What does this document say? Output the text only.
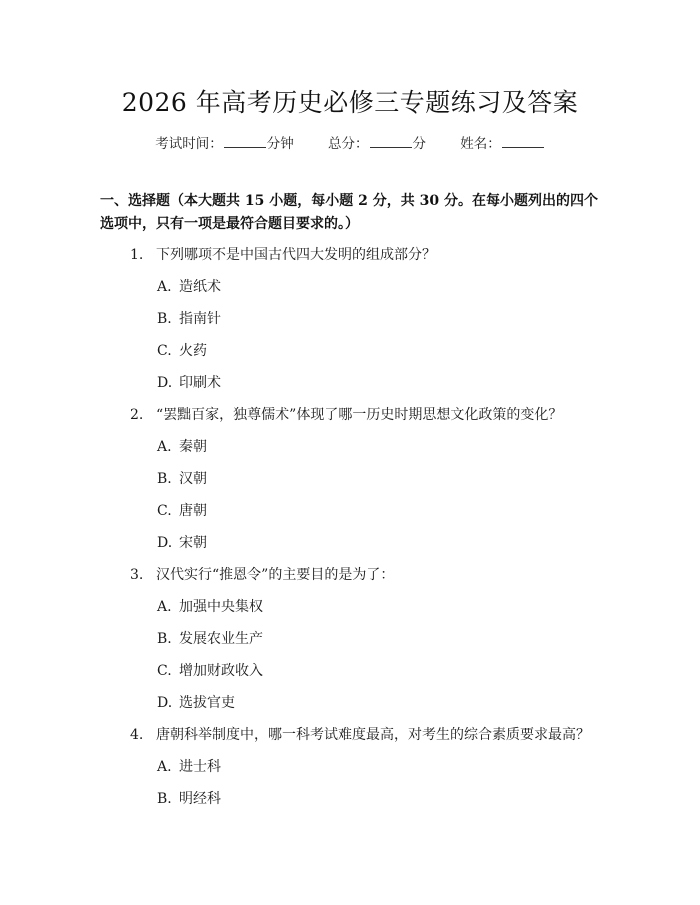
2026 年高考历史必修三专题练习及答案
考试时间：	分钟	总分：	分	姓名：
一、选择题（本大题共 15 小题，每小题 2 分，共 30 分。在每小题列出的四个选项中，只有一项是最符合题目要求的。）
1. 下列哪项不是中国古代四大发明的组成部分？
A. 造纸术
B. 指南针
C. 火药
D. 印刷术
2. “罢黜百家，独尊儒术”体现了哪一历史时期思想文化政策的变化？
A. 秦朝
B. 汉朝
C. 唐朝
D. 宋朝
3. 汉代实行“推恩令”的主要目的是为了：
A. 加强中央集权
B. 发展农业生产
C. 增加财政收入
D. 选拔官吏
4. 唐朝科举制度中，哪一科考试难度最高，对考生的综合素质要求最高？
A. 进士科
B. 明经科
